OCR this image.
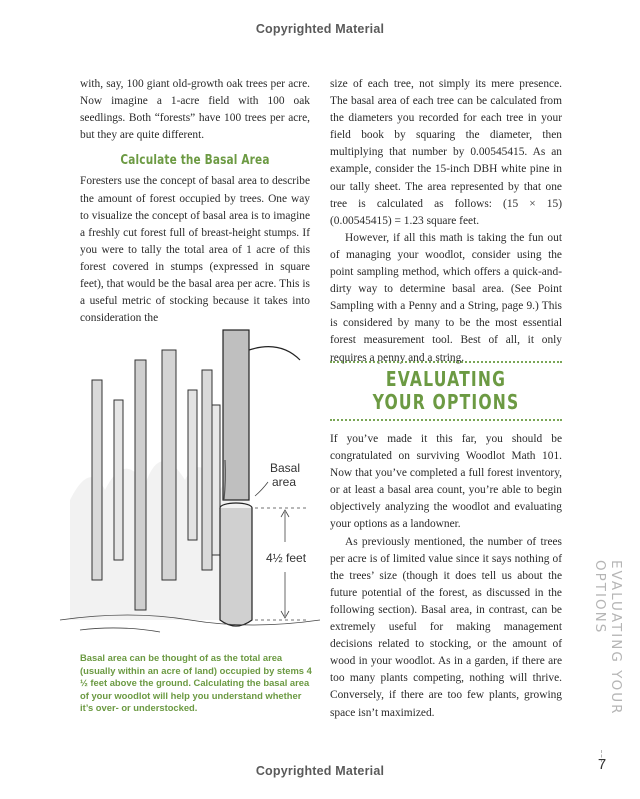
Copyrighted Material

with, say, 100 giant old-growth oak trees per acre. Now imagine a 1-acre field with 100 oak seedlings. Both “forests” have 100 trees per acre, but they are quite different.

Calculate the Basal Area

Foresters use the concept of basal area to describe the amount of forest occupied by trees. One way to visualize the concept of basal area is to imagine a freshly cut forest full of breast-height stumps. If you were to tally the total area of 1 acre of this forest covered in stumps (expressed in square feet), that would be the basal area per acre. This is a useful metric of stocking because it takes into consideration the

size of each tree, not simply its mere presence. The basal area of each tree can be calculated from the diameters you recorded for each tree in your field book by squaring the diameter, then multiplying that number by 0.00545415. As an example, consider the 15-inch DBH white pine in our tally sheet. The area represented by that one tree is calculated as follows: (15 × 15) (0.00545415) = 1.23 square feet.

However, if all this math is taking the fun out of managing your woodlot, consider using the point sampling method, which offers a quick-and-dirty way to determine basal area. (See Point Sampling with a Penny and a String, page 9.) This is considered by many to be the most essential forest measurement tool. Best of all, it only requires a penny and a string.

EVALUATING
YOUR OPTIONS

If you’ve made it this far, you should be congratulated on surviving Woodlot Math 101. Now that you’ve completed a full forest inventory, or at least a basal area count, you’re able to begin objectively analyzing the woodlot and evaluating your options as a landowner.

As previously mentioned, the number of trees per acre is of limited value since it says nothing of the trees’ size (though it does tell us about the future potential of the forest, as discussed in the following section). Basal area, in contrast, can be extremely useful for making management decisions related to stocking, or the amount of wood in your woodlot. As in a garden, if there are too many plants competing, nothing will thrive. Conversely, if there are too few plants, growing space isn’t maximized.

Basal
area
4½ feet
Basal area can be thought of as the total area (usually within an acre of land) occupied by stems 4 ½ feet above the ground. Calculating the basal area of your woodlot will help you understand whether it’s over- or understocked.	EVALUATING YOUR OPTIONS
7
Copyrighted Material
